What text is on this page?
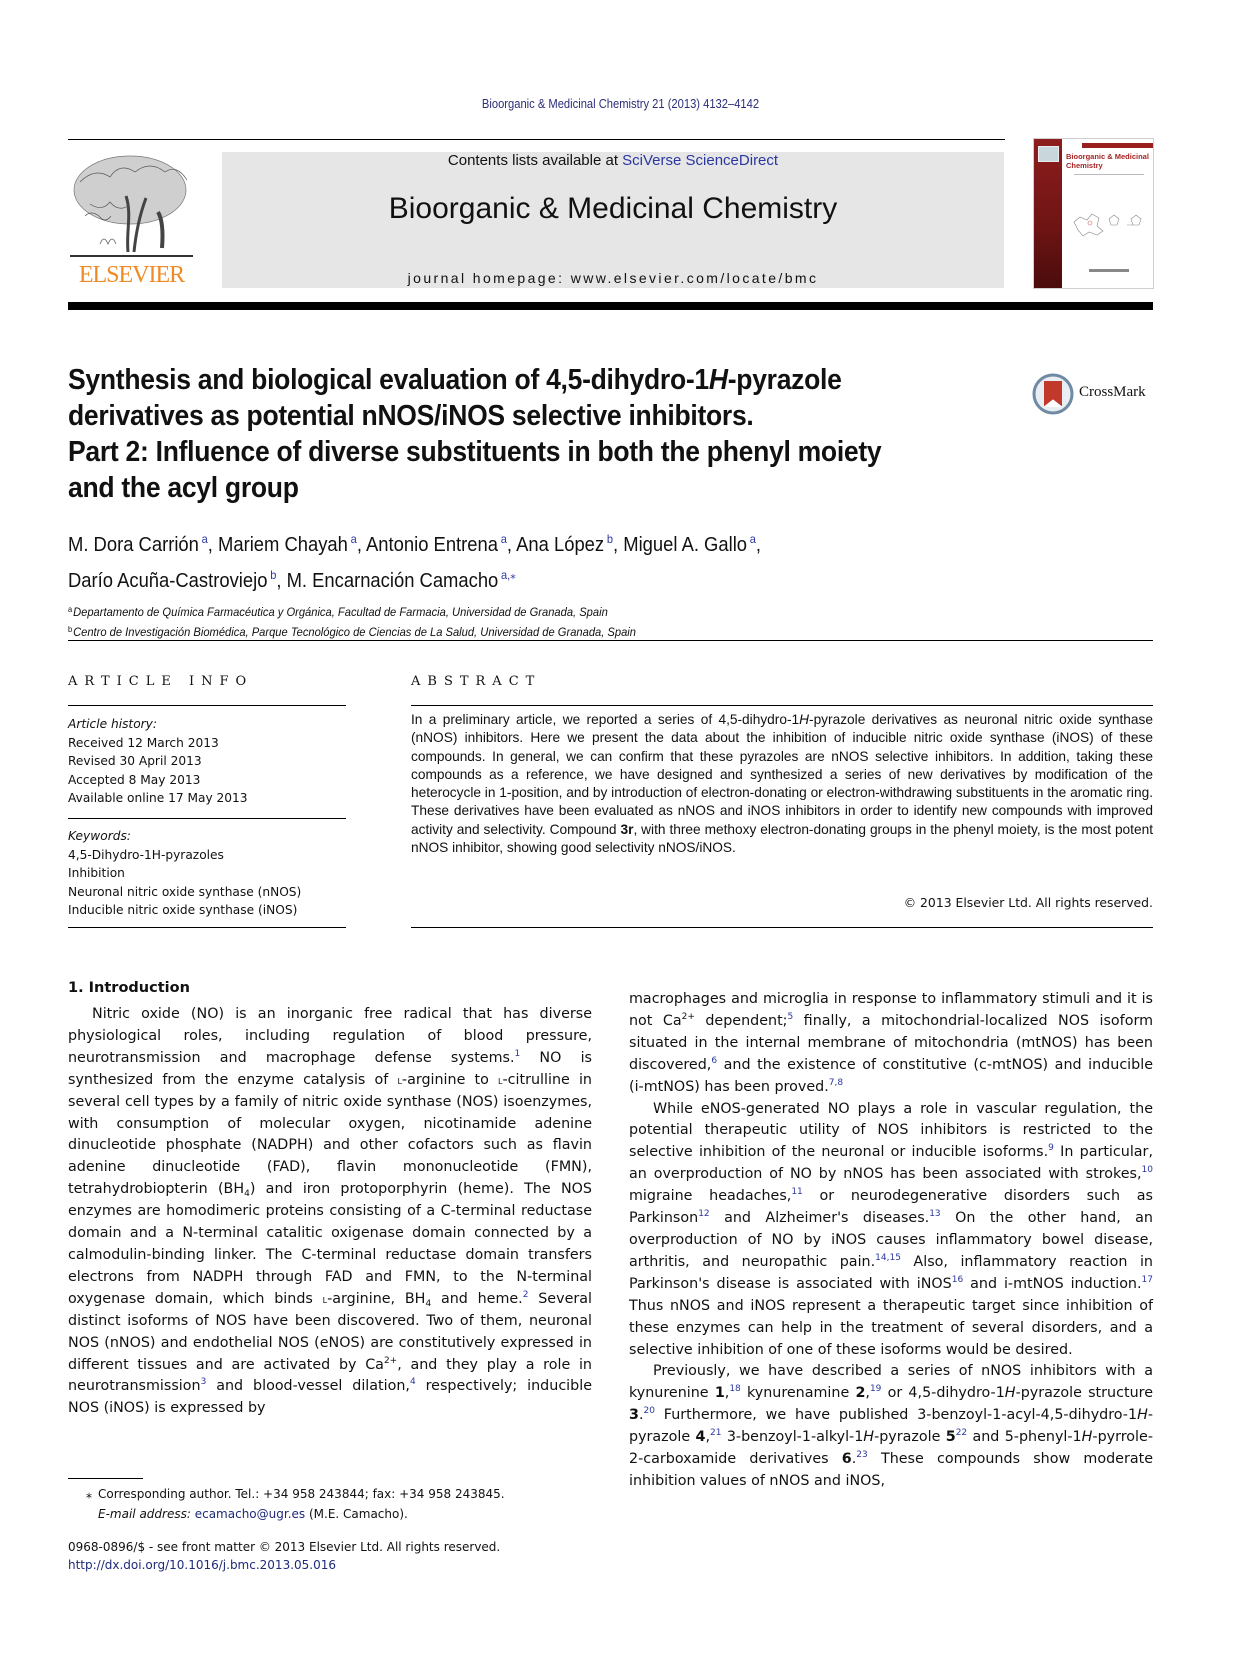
Bioorganic & Medicinal Chemistry 21 (2013) 4132–4142
ELSEVIER
Contents lists available at SciVerse ScienceDirect
Bioorganic & Medicinal Chemistry
journal homepage: www.elsevier.com/locate/bmc
Bioorganic & Medicinal Chemistry
Synthesis and biological evaluation of 4,5-dihydro-1H-pyrazole
derivatives as potential nNOS/iNOS selective inhibitors.
Part 2: Influence of diverse substituents in both the phenyl moiety
and the acyl group
CrossMark
M. Dora Carrión $^a$, Mariem Chayah $^a$, Antonio Entrena $^a$, Ana López $^b$, Miguel A. Gallo $^a$,
Darío Acuña-Castroviejo $^b$, M. Encarnación Camacho $^{a,⁎}$
$^a$Departamento de Química Farmacéutica y Orgánica, Facultad de Farmacia, Universidad de Granada, Spain
$^b$Centro de Investigación Biomédica, Parque Tecnológico de Ciencias de La Salud, Universidad de Granada, Spain
ARTICLE INFO
Article history:
Received 12 March 2013
Revised 30 April 2013
Accepted 8 May 2013
Available online 17 May 2013
Keywords:
4,5-Dihydro-1H-pyrazoles
Inhibition
Neuronal nitric oxide synthase (nNOS)
Inducible nitric oxide synthase (iNOS)
ABSTRACT
In a preliminary article, we reported a series of 4,5-dihydro-1H-pyrazole derivatives as neuronal nitric oxide synthase (nNOS) inhibitors. Here we present the data about the inhibition of inducible nitric oxide synthase (iNOS) of these compounds. In general, we can confirm that these pyrazoles are nNOS selective inhibitors. In addition, taking these compounds as a reference, we have designed and synthesized a series of new derivatives by modification of the heterocycle in 1-position, and by introduction of electron-donating or electron-withdrawing substituents in the aromatic ring. These derivatives have been evaluated as nNOS and iNOS inhibitors in order to identify new compounds with improved activity and selectivity. Compound 3r, with three methoxy electron-donating groups in the phenyl moiety, is the most potent nNOS inhibitor, showing good selectivity nNOS/iNOS.
© 2013 Elsevier Ltd. All rights reserved.
1. Introduction

Nitric oxide (NO) is an inorganic free radical that has diverse physiological roles, including regulation of blood pressure, neurotransmission and macrophage defense systems.$^1$ NO is synthesized from the enzyme catalysis of l-arginine to l-citrulline in several cell types by a family of nitric oxide synthase (NOS) isoenzymes, with consumption of molecular oxygen, nicotinamide adenine dinucleotide phosphate (NADPH) and other cofactors such as flavin adenine dinucleotide (FAD), flavin mononucleotide (FMN), tetrahydrobiopterin $(BH_4)$ and iron protoporphyrin (heme). The NOS enzymes are homodimeric proteins consisting of a C-terminal reductase domain and a N-terminal catalitic oxigenase domain connected by a calmodulin-binding linker. The C-terminal reductase domain transfers electrons from NADPH through FAD and FMN, to the N-terminal oxygenase domain, which binds l-arginine, $BH_4$ and heme.$^2$ Several distinct isoforms of NOS have been discovered. Two of them, neuronal NOS (nNOS) and endothelial NOS (eNOS) are constitutively expressed in different tissues and are activated by $Ca^{2+}$, and they play a role in neurotransmission$^3$ and blood-vessel dilation,$^4$ respectively; inducible NOS (iNOS) is expressed by

macrophages and microglia in response to inflammatory stimuli and it is not $Ca^{2+}$ dependent;$^5$ finally, a mitochondrial-localized NOS isoform situated in the internal membrane of mitochondria (mtNOS) has been discovered,$^6$ and the existence of constitutive (c-mtNOS) and inducible (i-mtNOS) has been proved.$^{7,8}$

While eNOS-generated NO plays a role in vascular regulation, the potential therapeutic utility of NOS inhibitors is restricted to the selective inhibition of the neuronal or inducible isoforms.$^9$ In particular, an overproduction of NO by nNOS has been associated with strokes,$^{10}$ migraine headaches,$^{11}$ or neurodegenerative disorders such as Parkinson$^{12}$ and Alzheimer's diseases.$^{13}$ On the other hand, an overproduction of NO by iNOS causes inflammatory bowel disease, arthritis, and neuropathic pain.$^{14,15}$ Also, inflammatory reaction in Parkinson's disease is associated with iNOS$^{16}$ and i-mtNOS induction.$^{17}$ Thus nNOS and iNOS represent a therapeutic target since inhibition of these enzymes can help in the treatment of several disorders, and a selective inhibition of one of these isoforms would be desired.

Previously, we have described a series of nNOS inhibitors with a kynurenine 1,18 kynurenamine 2,19 or 4,5-dihydro-1H-pyrazole structure 3.20 Furthermore, we have published 3-benzoyl-1-acyl-4,5-dihydro-1H-pyrazole 4,21 3-benzoyl-1-alkyl-1H-pyrazole $5^{22}$ and 5-phenyl-1H-pyrrole-2-carboxamide derivatives 6.23 These compounds show moderate inhibition values of nNOS and iNOS,

⁎ Corresponding author. Tel.: +34 958 243844; fax: +34 958 243845.
E-mail address: ecamacho@ugr.es (M.E. Camacho).
0968-0896/$ - see front matter © 2013 Elsevier Ltd. All rights reserved.
http://dx.doi.org/10.1016/j.bmc.2013.05.016
